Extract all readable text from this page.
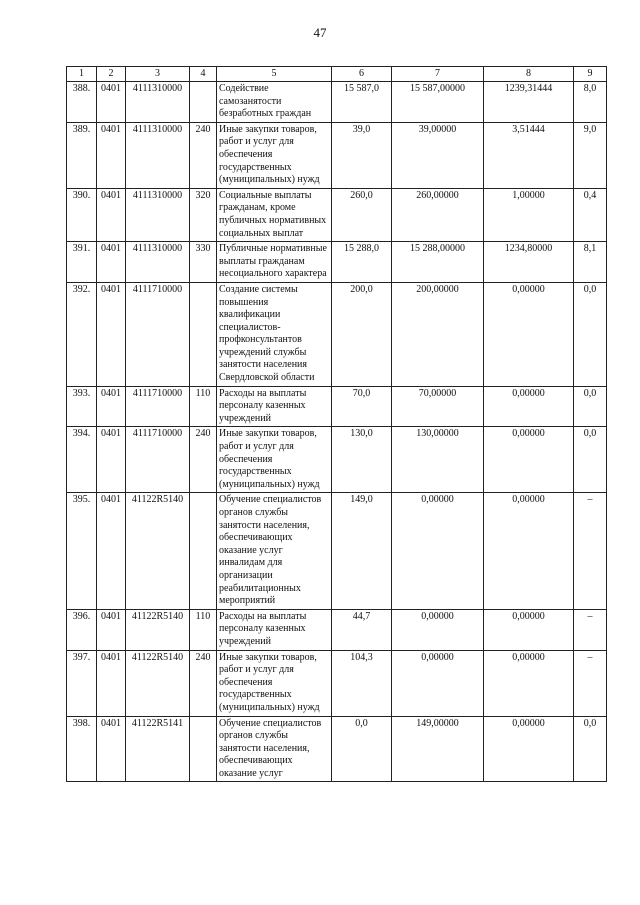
47
1	2	3	4	5	6	7	8	9
388.	0401	4111310000		Содействие самозанятости безработных граждан	15 587,0	15 587,00000	1239,31444	8,0
389.	0401	4111310000	240	Иные закупки товаров, работ и услуг для обеспечения государственных (муниципальных) нужд	39,0	39,00000	3,51444	9,0
390.	0401	4111310000	320	Социальные выплаты гражданам, кроме публичных нормативных социальных выплат	260,0	260,00000	1,00000	0,4
391.	0401	4111310000	330	Публичные нормативные выплаты гражданам несоциального характера	15 288,0	15 288,00000	1234,80000	8,1
392.	0401	4111710000		Создание системы повышения квалификации специалистов-профконсультантов учреждений службы занятости населения Свердловской области	200,0	200,00000	0,00000	0,0
393.	0401	4111710000	110	Расходы на выплаты персоналу казенных учреждений	70,0	70,00000	0,00000	0,0
394.	0401	4111710000	240	Иные закупки товаров, работ и услуг для обеспечения государственных (муниципальных) нужд	130,0	130,00000	0,00000	0,0
395.	0401	41122R5140		Обучение специалистов органов службы занятости населения, обеспечивающих оказание услуг инвалидам для организации реабилитационных мероприятий	149,0	0,00000	0,00000	–
396.	0401	41122R5140	110	Расходы на выплаты персоналу казенных учреждений	44,7	0,00000	0,00000	–
397.	0401	41122R5140	240	Иные закупки товаров, работ и услуг для обеспечения государственных (муниципальных) нужд	104,3	0,00000	0,00000	–
398.	0401	41122R5141		Обучение специалистов органов службы занятости населения, обеспечивающих оказание услуг	0,0	149,00000	0,00000	0,0
